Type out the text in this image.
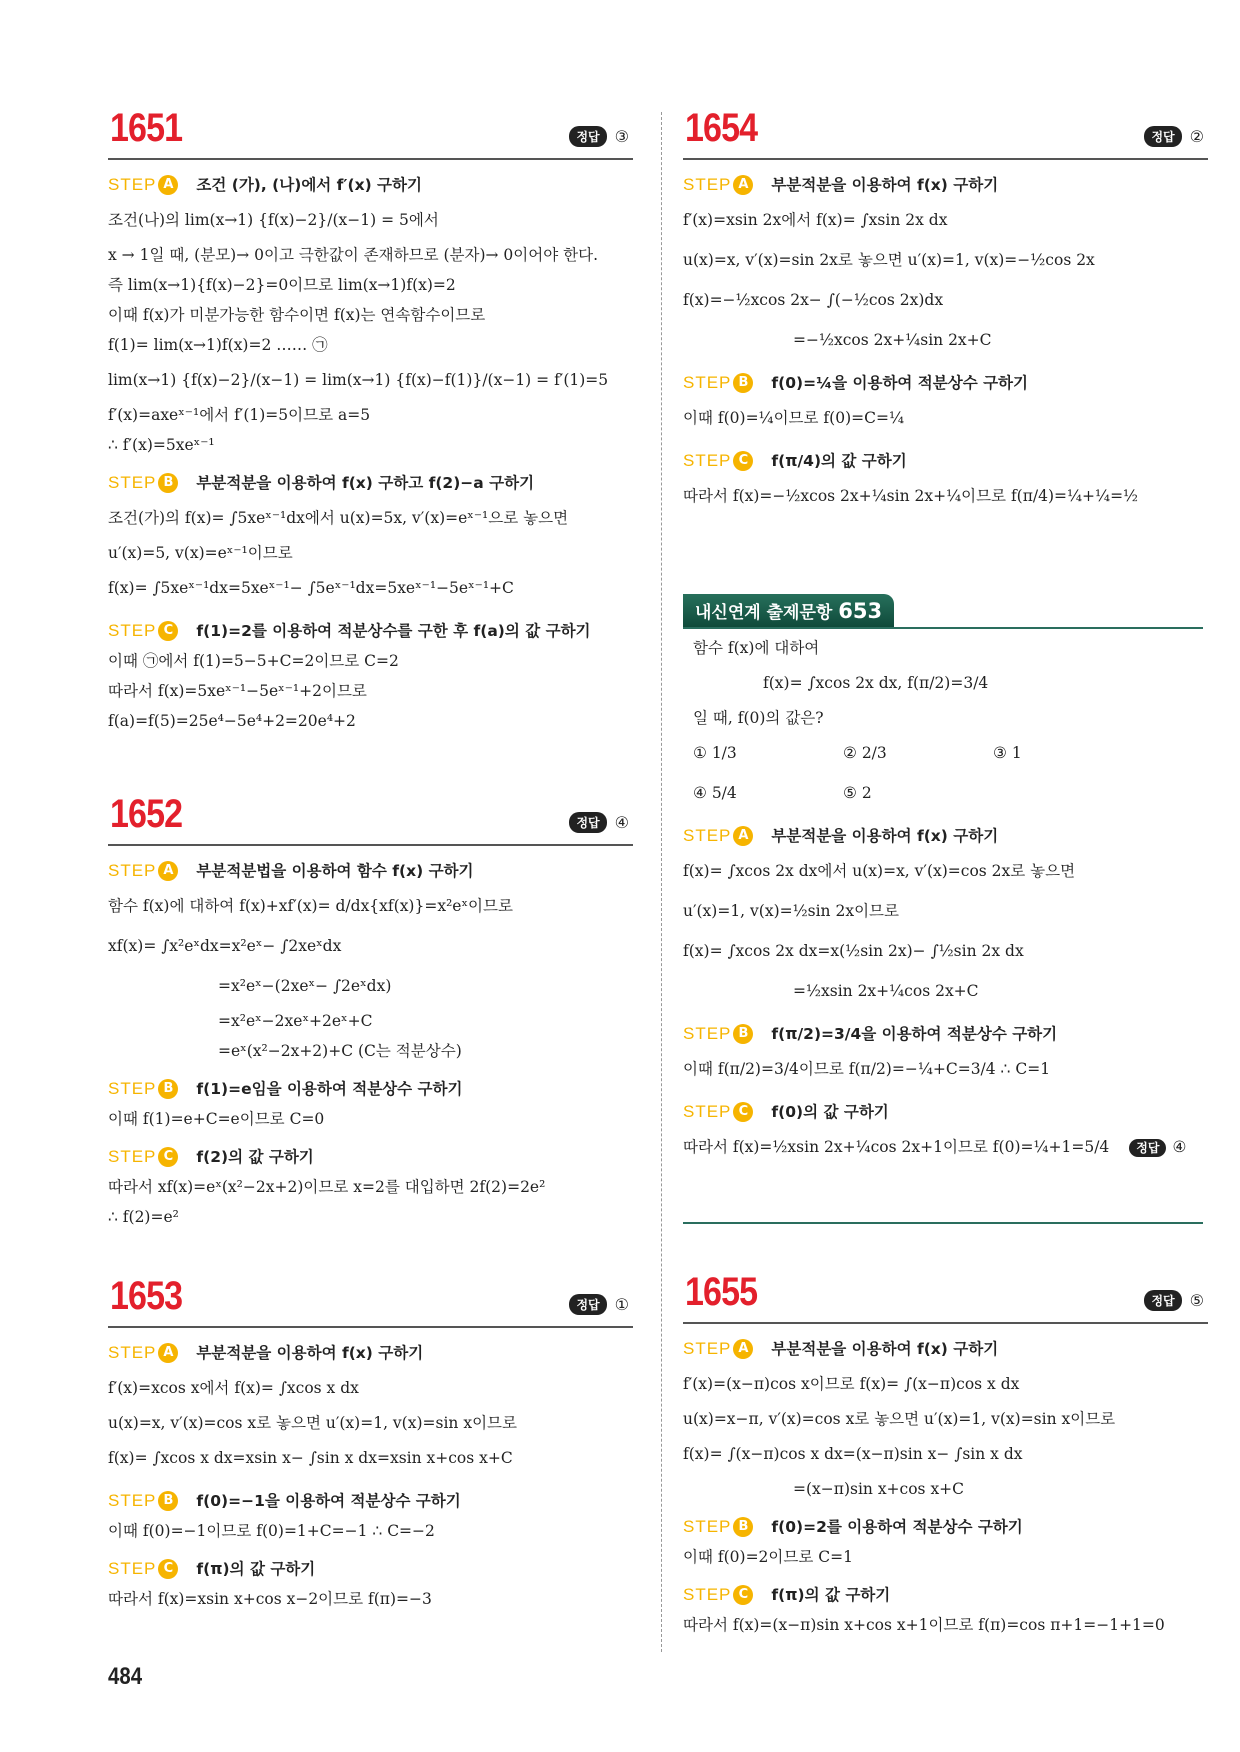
1651	정답 ③
STEP A	조건 (가), (나)에서 f′(x) 구하기
조건(나)의 lim(x→1) {f(x)−2}/(x−1) = 5에서
x → 1일 때, (분모)→ 0이고 극한값이 존재하므로 (분자)→ 0이어야 한다.
즉 lim(x→1){f(x)−2}=0이므로 lim(x→1)f(x)=2
이때 f(x)가 미분가능한 함수이면 f(x)는 연속함수이므로
f(1)= lim(x→1)f(x)=2 …… ㉠
lim(x→1) {f(x)−2}/(x−1) = lim(x→1) {f(x)−f(1)}/(x−1) = f′(1)=5
f′(x)=axeˣ⁻¹에서 f′(1)=5이므로 a=5
∴ f′(x)=5xeˣ⁻¹
STEP B	부분적분을 이용하여 f(x) 구하고 f(2)−a 구하기
조건(가)의 f(x)= ∫5xeˣ⁻¹dx에서 u(x)=5x, v′(x)=eˣ⁻¹으로 놓으면
u′(x)=5, v(x)=eˣ⁻¹이므로
f(x)= ∫5xeˣ⁻¹dx=5xeˣ⁻¹− ∫5eˣ⁻¹dx=5xeˣ⁻¹−5eˣ⁻¹+C
STEP C	f(1)=2를 이용하여 적분상수를 구한 후 f(a)의 값 구하기
이때 ㉠에서 f(1)=5−5+C=2이므로 C=2
따라서 f(x)=5xeˣ⁻¹−5eˣ⁻¹+2이므로
f(a)=f(5)=25e⁴−5e⁴+2=20e⁴+2
1652	정답 ④
STEP A	부분적분법을 이용하여 함수 f(x) 구하기
함수 f(x)에 대하여 f(x)+xf′(x)= d/dx{xf(x)}=x²eˣ이므로
xf(x)= ∫x²eˣdx=x²eˣ− ∫2xeˣdx
=x²eˣ−(2xeˣ− ∫2eˣdx)
=x²eˣ−2xeˣ+2eˣ+C
=eˣ(x²−2x+2)+C (C는 적분상수)
STEP B	f(1)=e임을 이용하여 적분상수 구하기
이때 f(1)=e+C=e이므로 C=0
STEP C	f(2)의 값 구하기
따라서 xf(x)=eˣ(x²−2x+2)이므로 x=2를 대입하면 2f(2)=2e²
∴ f(2)=e²
1653	정답 ①
STEP A	부분적분을 이용하여 f(x) 구하기
f′(x)=xcos x에서 f(x)= ∫xcos x dx
u(x)=x, v′(x)=cos x로 놓으면 u′(x)=1, v(x)=sin x이므로
f(x)= ∫xcos x dx=xsin x− ∫sin x dx=xsin x+cos x+C
STEP B	f(0)=−1을 이용하여 적분상수 구하기
이때 f(0)=−1이므로 f(0)=1+C=−1 ∴ C=−2
STEP C	f(π)의 값 구하기
따라서 f(x)=xsin x+cos x−2이므로 f(π)=−3
1654	정답 ②
STEP A	부분적분을 이용하여 f(x) 구하기
f′(x)=xsin 2x에서 f(x)= ∫xsin 2x dx
u(x)=x, v′(x)=sin 2x로 놓으면 u′(x)=1, v(x)=−½cos 2x
f(x)=−½xcos 2x− ∫(−½cos 2x)dx
=−½xcos 2x+¼sin 2x+C
STEP B	f(0)=¼을 이용하여 적분상수 구하기
이때 f(0)=¼이므로 f(0)=C=¼
STEP C	f(π/4)의 값 구하기
따라서 f(x)=−½xcos 2x+¼sin 2x+¼이므로 f(π/4)=¼+¼=½
1655	정답 ⑤
STEP A	부분적분을 이용하여 f(x) 구하기
f′(x)=(x−π)cos x이므로 f(x)= ∫(x−π)cos x dx
u(x)=x−π, v′(x)=cos x로 놓으면 u′(x)=1, v(x)=sin x이므로
f(x)= ∫(x−π)cos x dx=(x−π)sin x− ∫sin x dx
=(x−π)sin x+cos x+C
STEP B	f(0)=2를 이용하여 적분상수 구하기
이때 f(0)=2이므로 C=1
STEP C	f(π)의 값 구하기
따라서 f(x)=(x−π)sin x+cos x+1이므로 f(π)=cos π+1=−1+1=0
내신연계 출제문항 653
함수 f(x)에 대하여
f(x)= ∫xcos 2x dx, f(π/2)=3/4
일 때, f(0)의 값은?
① 1/3	② 2/3	③ 1
④ 5/4	⑤ 2
STEP A	부분적분을 이용하여 f(x) 구하기
f(x)= ∫xcos 2x dx에서 u(x)=x, v′(x)=cos 2x로 놓으면
u′(x)=1, v(x)=½sin 2x이므로
f(x)= ∫xcos 2x dx=x(½sin 2x)− ∫½sin 2x dx
=½xsin 2x+¼cos 2x+C
STEP B	f(π/2)=3/4을 이용하여 적분상수 구하기
이때 f(π/2)=3/4이므로 f(π/2)=−¼+C=3/4 ∴ C=1
STEP C	f(0)의 값 구하기
따라서 f(x)=½xsin 2x+¼cos 2x+1이므로 f(0)=¼+1=5/4 정답 ④
484
